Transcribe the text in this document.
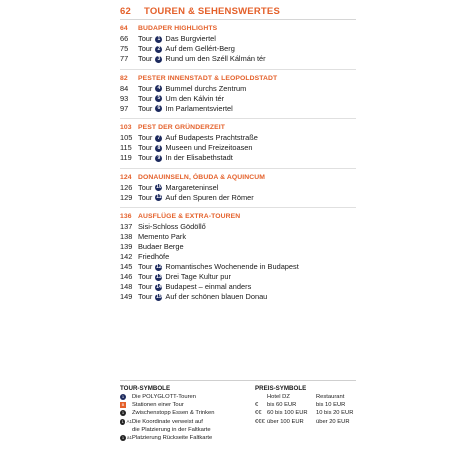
62 TOUREN & SEHENSWERTES
64	BUDAPER HIGHLIGHTS
66	Tour	1 Das Burgviertel
75	Tour	2 Auf dem Gellért-Berg
77	Tour	3 Rund um den Széll Kálmán tér
82	PESTER INNENSTADT & LEOPOLDSTADT
84	Tour	4 Bummel durchs Zentrum
93	Tour	5 Um den Kálvin tér
97	Tour	6 Im Parlamentsviertel
103 PEST DER GRÜNDERZEIT
105 Tour	7 Auf Budapests Prachtstraße
115 Tour	8 Museen und Freizeitoasen
119 Tour	9 In der Elisabethstadt
124 DONAUINSELN, ÓBUDA & AQUINCUM
126 Tour 10 Margareteninsel
129 Tour 11 Auf den Spuren der Römer
136 AUSFLÜGE & EXTRA-TOUREN
137 Sisi-Schloss Gödöllő
138 Memento Park
139 Budaer Berge
142 Friedhöfe
145 Tour 12 Romantisches Wochenende in Budapest
146 Tour 13 Drei Tage Kultur pur
148 Tour 14 Budapest – einmal anders
149 Tour 15 Auf der schönen blauen Donau
TOUR-SYMBOLE
1	Die POLYGLOTT-Touren
B Stationen einer Tour
1	Zwischenstopp Essen & Trinken
1 A1 Die Koordinate verweist auf
die Platzierung in der Faltkarte
1 a1 Platzierung Rückseite Faltkarte
PREIS-SYMBOLE
Hotel DZ	Restaurant
€	bis 60 EUR	bis 10 EUR
€€ 60 bis 100 EUR	10 bis 20 EUR
€€€ über 100 EUR	über 20 EUR
